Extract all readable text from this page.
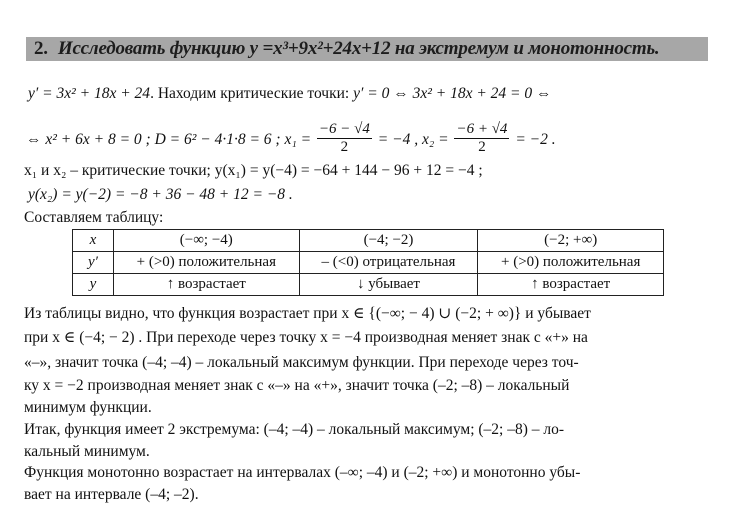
2. Исследовать функцию y =x³+9x²+24x+12 на экстремум и монотонность.
y′ = 3x² + 18x + 24. Находим критические точки: y′ = 0 ⇔ 3x² + 18x + 24 = 0 ⇔
⇔ x² + 6x + 8 = 0 ; D = 6² − 4·1·8 = 6 ; $x_1 = \frac{-6 - √4}{2} = -4$ , $x_2 = \frac{-6 + √4}{2} = -2$ .
x₁ и x₂ – критические точки; y(x₁) = y(−4) = −64 + 144 − 96 + 12 = −4 ;
y(x₂) = y(−2) = −8 + 36 − 48 + 12 = −8 .
Составляем таблицу:
x	(−∞; −4)	(−4; −2)	(−2; +∞)
y′	+ (>0) положительная	– (<0) отрицательная	+ (>0) положительная
y	↑ возрастает	↓ убывает	↑ возрастает
Из таблицы видно, что функция возрастает при x ∈ {(−∞; − 4) ∪ (−2; + ∞)} и убывает
при x ∈ (−4; − 2) . При переходе через точку x = −4 производная меняет знак с «+» на
«–», значит точка (–4; –4) – локальный максимум функции. При переходе через точ-
ку x = −2 производная меняет знак с «–» на «+», значит точка (–2; –8) – локальный
минимум функции.
Итак, функция имеет 2 экстремума: (–4; –4) – локальный максимум; (–2; –8) – ло-
кальный минимум.
Функция монотонно возрастает на интервалах (–∞; –4) и (–2; +∞) и монотонно убы-
вает на интервале (–4; –2).
